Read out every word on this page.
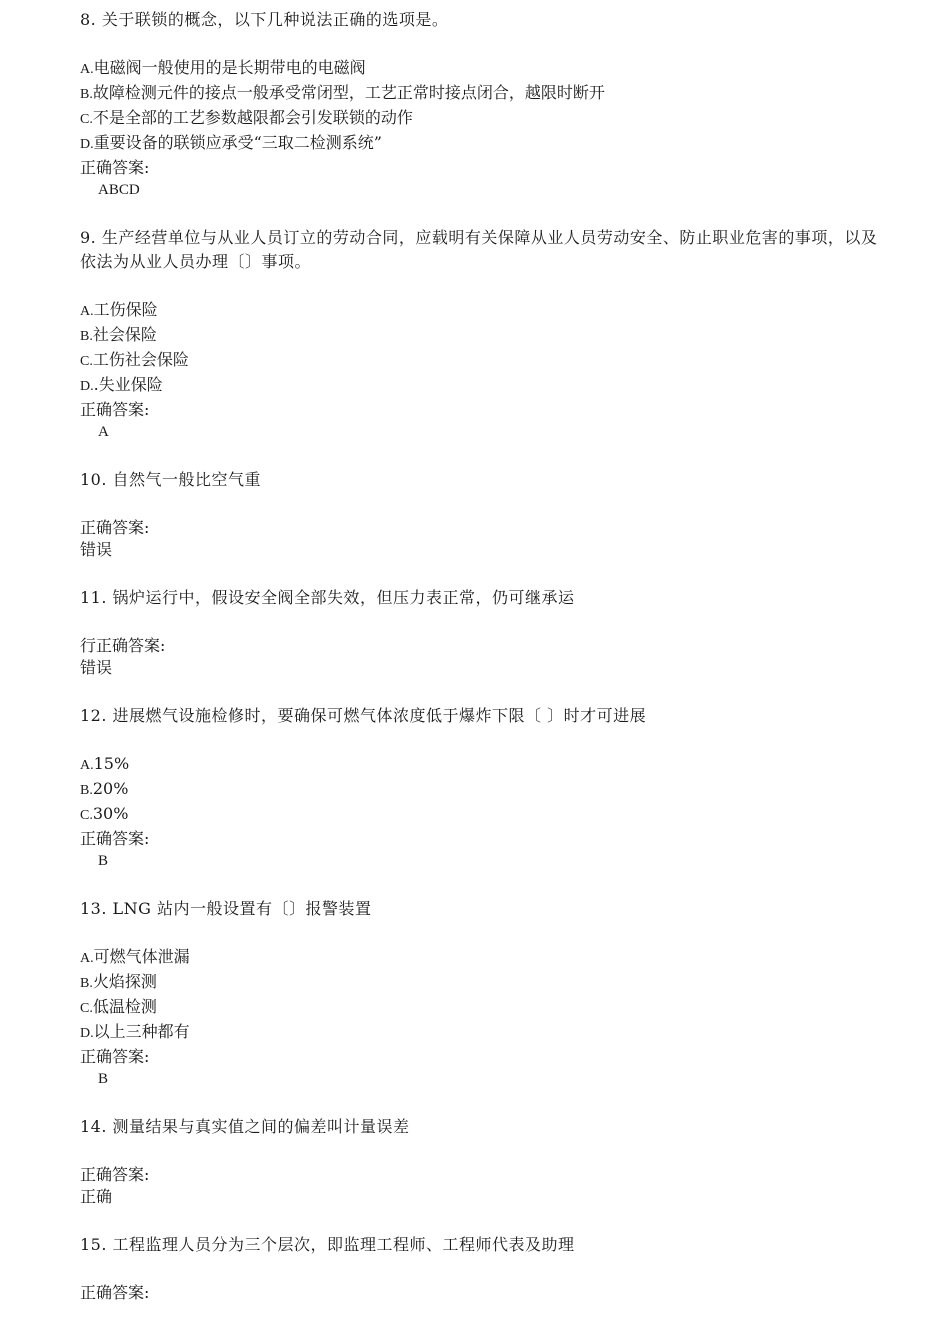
8. 关于联锁的概念，以下几种说法正确的选项是。
A.电磁阀一般使用的是长期带电的电磁阀
B.故障检测元件的接点一般承受常闭型，工艺正常时接点闭合，越限时断开
C.不是全部的工艺参数越限都会引发联锁的动作
D.重要设备的联锁应承受“三取二检测系统”
正确答案:
ABCD
9. 生产经营单位与从业人员订立的劳动合同，应载明有关保障从业人员劳动安全、防止职业危害的事项，以及依法为从业人员办理〔〕事项。
A.工伤保险
B.社会保险
C.工伤社会保险
D..失业保险
正确答案:
A
10. 自然气一般比空气重
正确答案:
错误
11. 锅炉运行中，假设安全阀全部失效，但压力表正常，仍可继承运
行正确答案:
错误
12. 进展燃气设施检修时，要确保可燃气体浓度低于爆炸下限〔 〕时才可进展
A.15%
B.20%
C.30%
正确答案:
B
13. LNG 站内一般设置有〔〕报警装置
A.可燃气体泄漏
B.火焰探测
C.低温检测
D.以上三种都有
正确答案:
B
14. 测量结果与真实值之间的偏差叫计量误差
正确答案:
正确
15. 工程监理人员分为三个层次，即监理工程师、工程师代表及助理
正确答案:
